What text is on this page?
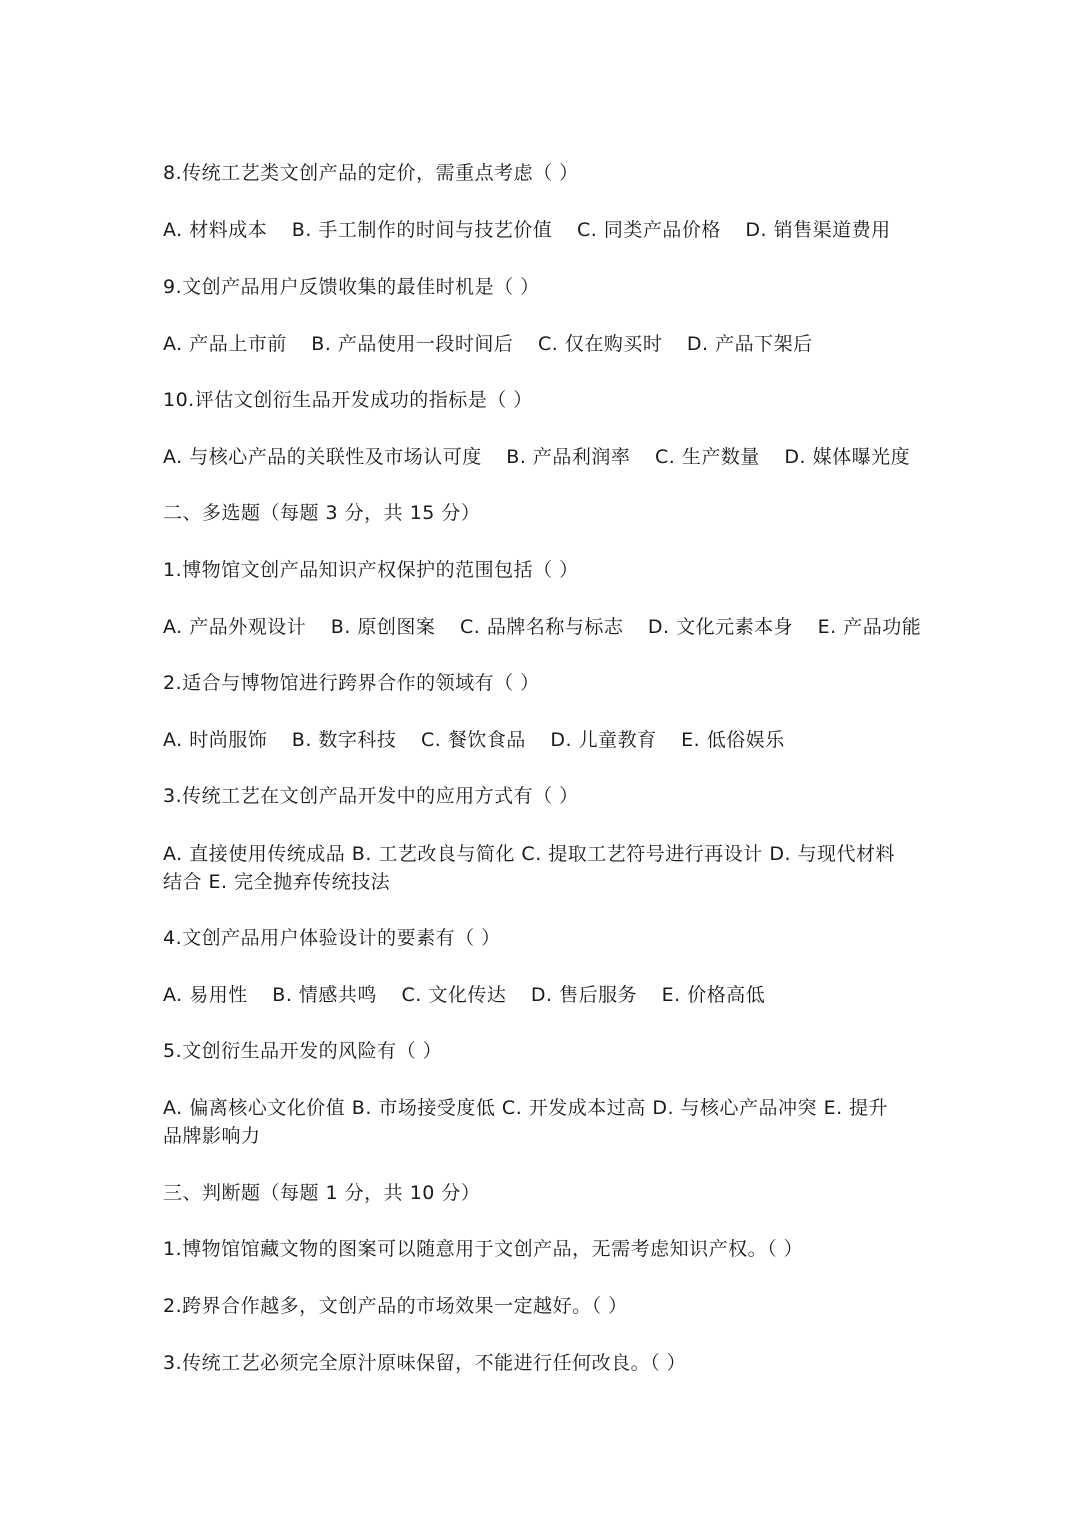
8.传统工艺类文创产品的定价，需重点考虑（ ）
A. 材料成本 B. 手工制作的时间与技艺价值 C. 同类产品价格 D. 销售渠道费用
9.文创产品用户反馈收集的最佳时机是（ ）
A. 产品上市前 B. 产品使用一段时间后 C. 仅在购买时 D. 产品下架后
10.评估文创衍生品开发成功的指标是（ ）
A. 与核心产品的关联性及市场认可度 B. 产品利润率 C. 生产数量 D. 媒体曝光度
二、多选题（每题 3 分，共 15 分）
1.博物馆文创产品知识产权保护的范围包括（ ）
A. 产品外观设计 B. 原创图案 C. 品牌名称与标志 D. 文化元素本身 E. 产品功能
2.适合与博物馆进行跨界合作的领域有（ ）
A. 时尚服饰 B. 数字科技 C. 餐饮食品 D. 儿童教育 E. 低俗娱乐
3.传统工艺在文创产品开发中的应用方式有（ ）
A. 直接使用传统成品 B. 工艺改良与简化 C. 提取工艺符号进行再设计 D. 与现代材料
结合 E. 完全抛弃传统技法
4.文创产品用户体验设计的要素有（ ）
A. 易用性 B. 情感共鸣 C. 文化传达 D. 售后服务 E. 价格高低
5.文创衍生品开发的风险有（ ）
A. 偏离核心文化价值 B. 市场接受度低 C. 开发成本过高 D. 与核心产品冲突 E. 提升
品牌影响力
三、判断题（每题 1 分，共 10 分）
1.博物馆馆藏文物的图案可以随意用于文创产品，无需考虑知识产权。（ ）
2.跨界合作越多，文创产品的市场效果一定越好。（ ）
3.传统工艺必须完全原汁原味保留，不能进行任何改良。（ ）
